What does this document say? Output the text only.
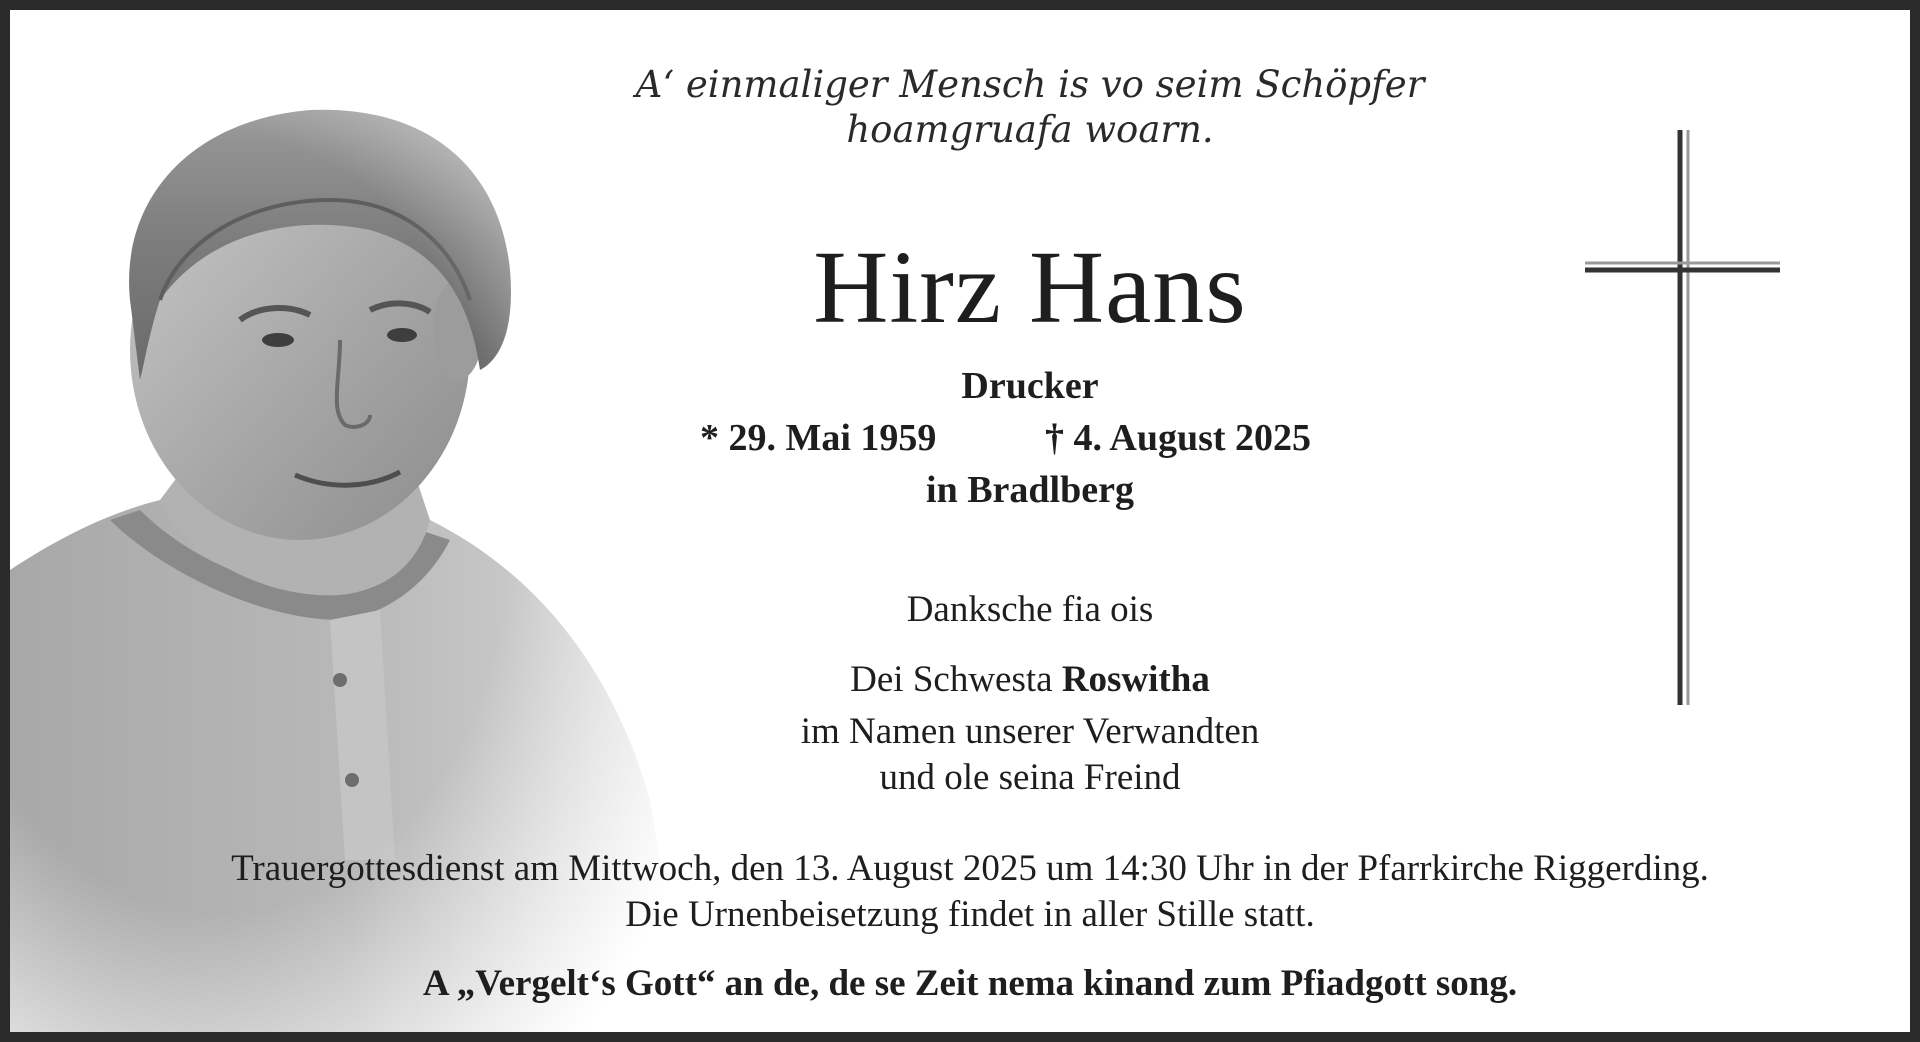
A‘ einmaliger Mensch is vo seim Schöpfer
hoamgruafa woarn.
Hirz Hans
Drucker
* 29. Mai 1959	† 4. August 2025
in Bradlberg
Danksche fia ois
Dei Schwesta Roswitha
im Namen unserer Verwandten
und ole seina Freind
Trauergottesdienst am Mittwoch, den 13. August 2025 um 14:30 Uhr in der Pfarrkirche Riggerding.
Die Urnenbeisetzung findet in aller Stille statt.
A „Vergelt‘s Gott“ an de, de se Zeit nema kinand zum Pfiadgott song.
